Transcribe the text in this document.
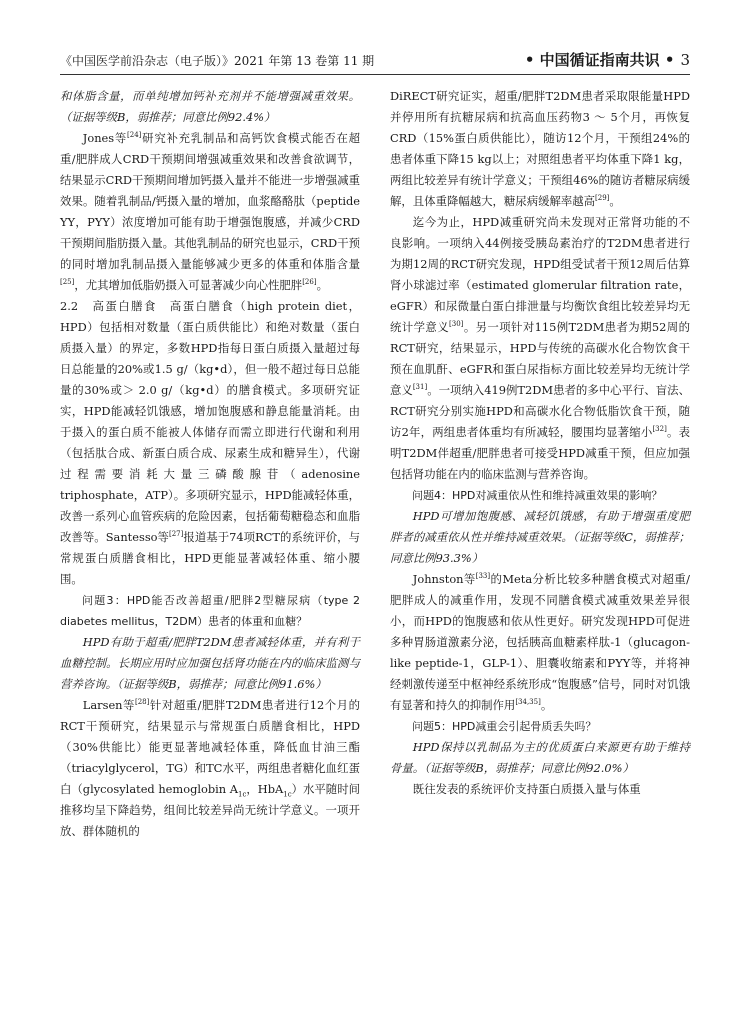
《中国医学前沿杂志（电子版）》2021 年第 13 卷第 11 期	• 中国循证指南共识 • 3

和体脂含量，而单纯增加钙补充剂并不能增强减重效果。（证据等级B，弱推荐；同意比例92.4%）

Jones等[24]研究补充乳制品和高钙饮食模式能否在超重/肥胖成人CRD干预期间增强减重效果和改善食欲调节，结果显示CRD干预期间增加钙摄入量并不能进一步增强减重效果。随着乳制品/钙摄入量的增加，血浆酪酪肽（peptide YY，PYY）浓度增加可能有助于增强饱腹感，并减少CRD干预期间脂肪摄入量。其他乳制品的研究也显示，CRD干预的同时增加乳制品摄入量能够减少更多的体重和体脂含量[25]，尤其增加低脂奶摄入可显著减少向心性肥胖[26]。

2.2　高蛋白膳食　高蛋白膳食（high protein diet，HPD）包括相对数量（蛋白质供能比）和绝对数量（蛋白质摄入量）的界定，多数HPD指每日蛋白质摄入量超过每日总能量的20%或1.5 g/（kg•d），但一般不超过每日总能量的30%或＞ 2.0 g/（kg•d）的膳食模式。多项研究证实，HPD能减轻饥饿感，增加饱腹感和静息能量消耗。由于摄入的蛋白质不能被人体储存而需立即进行代谢和利用（包括肽合成、新蛋白质合成、尿素生成和糖异生），代谢过程需要消耗大量三磷酸腺苷（adenosine triphosphate，ATP）。多项研究显示，HPD能减轻体重，改善一系列心血管疾病的危险因素，包括葡萄糖稳态和血脂改善等。Santesso等[27]报道基于74项RCT的系统评价，与常规蛋白质膳食相比，HPD更能显著减轻体重、缩小腰围。

问题3：HPD能否改善超重/肥胖2型糖尿病（type 2 diabetes mellitus，T2DM）患者的体重和血糖？

HPD有助于超重/肥胖T2DM患者减轻体重，并有利于血糖控制。长期应用时应加强包括肾功能在内的临床监测与营养咨询。（证据等级B，弱推荐；同意比例91.6%）

Larsen等[28]针对超重/肥胖T2DM患者进行12个月的RCT干预研究，结果显示与常规蛋白质膳食相比，HPD（30%供能比）能更显著地减轻体重，降低血甘油三酯（triacylglycerol，TG）和TC水平，两组患者糖化血红蛋白（glycosylated hemoglobin $A_{1c}$，HbA$_{1c}$）水平随时间推移均呈下降趋势，组间比较差异尚无统计学意义。一项开放、群体随机的

DiRECT研究证实，超重/肥胖T2DM患者采取限能量HPD并停用所有抗糖尿病和抗高血压药物3 ～ 5个月，再恢复CRD（15%蛋白质供能比），随访12个月，干预组24%的患者体重下降15 kg以上；对照组患者平均体重下降1 kg，两组比较差异有统计学意义；干预组46%的随访者糖尿病缓解，且体重降幅越大，糖尿病缓解率越高[29]。

迄今为止，HPD减重研究尚未发现对正常肾功能的不良影响。一项纳入44例接受胰岛素治疗的T2DM患者进行为期12周的RCT研究发现，HPD组受试者干预12周后估算肾小球滤过率（estimated glomerular filtration rate，eGFR）和尿微量白蛋白排泄量与均衡饮食组比较差异均无统计学意义[30]。另一项针对115例T2DM患者为期52周的RCT研究，结果显示，HPD与传统的高碳水化合物饮食干预在血肌酐、eGFR和蛋白尿指标方面比较差异均无统计学意义[31]。一项纳入419例T2DM患者的多中心平行、盲法、RCT研究分别实施HPD和高碳水化合物低脂饮食干预，随访2年，两组患者体重均有所减轻，腰围均显著缩小[32]。表明T2DM伴超重/肥胖患者可接受HPD减重干预，但应加强包括肾功能在内的临床监测与营养咨询。

问题4：HPD对减重依从性和维持减重效果的影响？

HPD可增加饱腹感、减轻饥饿感，有助于增强重度肥胖者的减重依从性并维持减重效果。（证据等级C，弱推荐；同意比例93.3%）

Johnston等[33]的Meta分析比较多种膳食模式对超重/肥胖成人的减重作用，发现不同膳食模式减重效果差异很小，而HPD的饱腹感和依从性更好。研究发现HPD可促进多种胃肠道激素分泌，包括胰高血糖素样肽-1（glucagon-like peptide-1，GLP-1）、胆囊收缩素和PYY等，并将神经刺激传递至中枢神经系统形成“饱腹感”信号，同时对饥饿有显著和持久的抑制作用[34,35]。

问题5：HPD减重会引起骨质丢失吗？

HPD保持以乳制品为主的优质蛋白来源更有助于维持骨量。（证据等级B，弱推荐；同意比例92.0%）

既往发表的系统评价支持蛋白质摄入量与体重
